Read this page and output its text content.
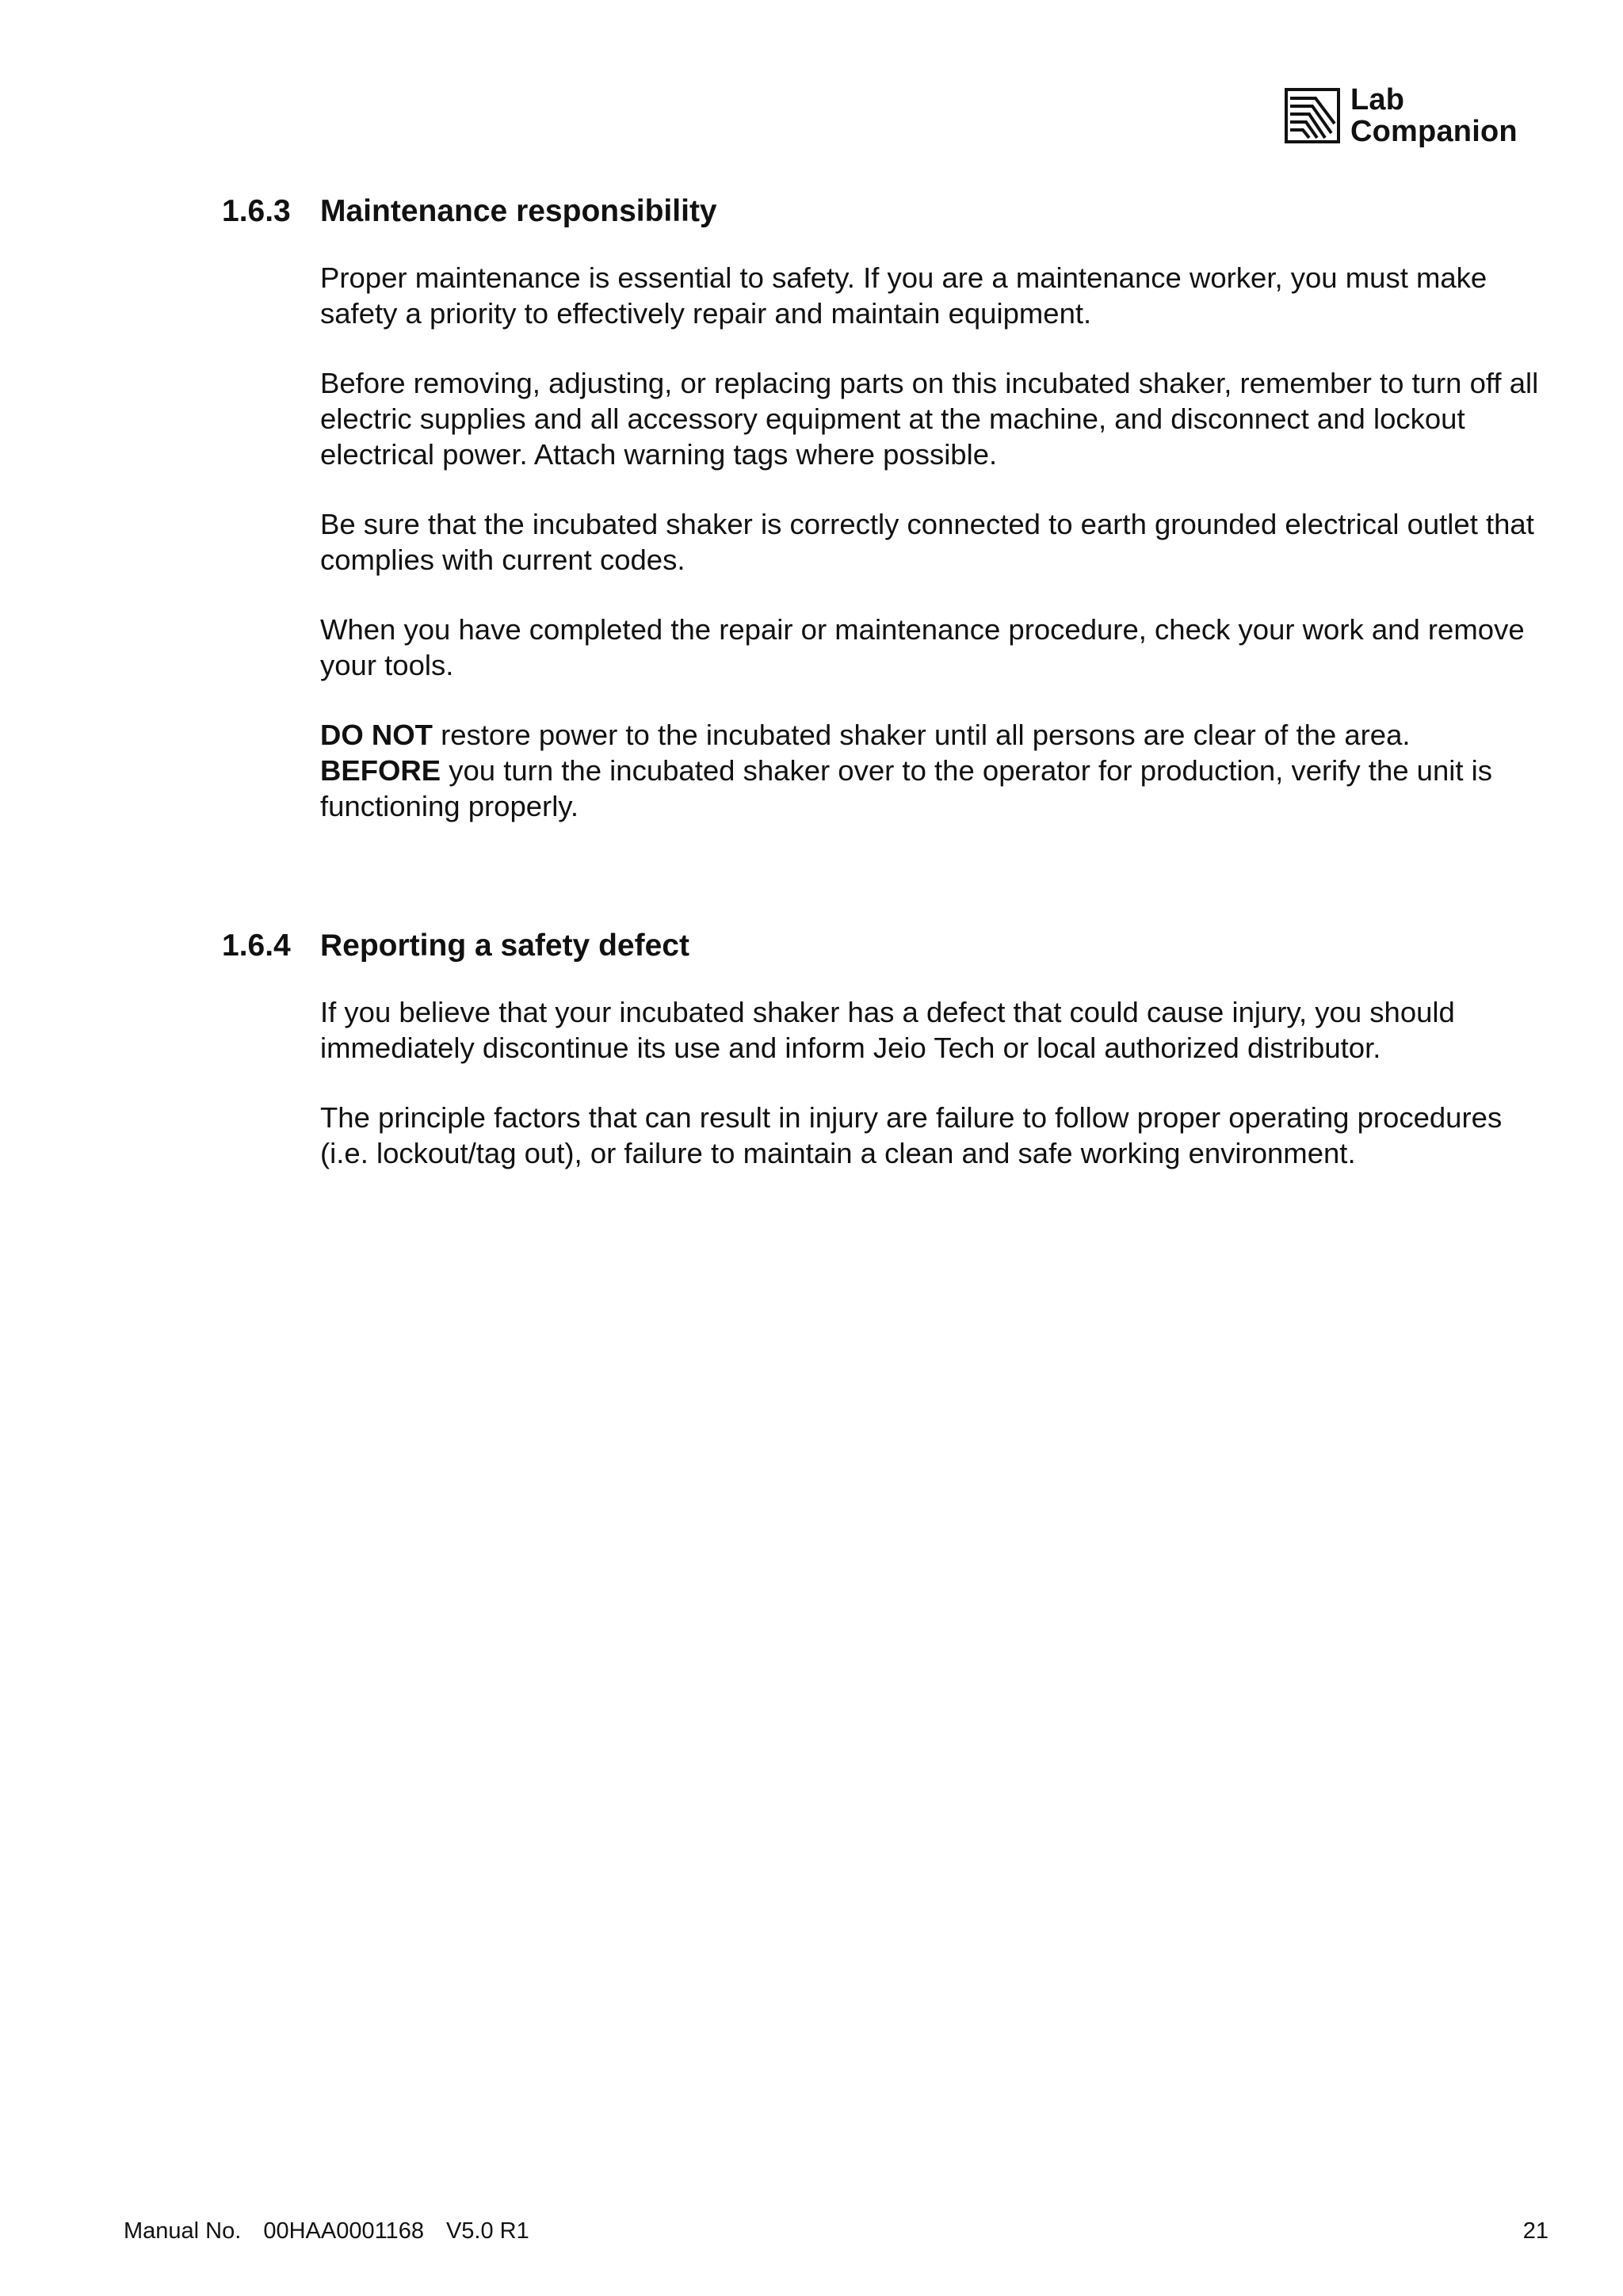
Lab
Companion
1.6.3 Maintenance responsibility

Proper maintenance is essential to safety. If you are a maintenance worker, you must make safety a priority to effectively repair and maintain equipment.

Before removing, adjusting, or replacing parts on this incubated shaker, remember to turn off all electric supplies and all accessory equipment at the machine, and disconnect and lockout electrical power. Attach warning tags where possible.

Be sure that the incubated shaker is correctly connected to earth grounded electrical outlet that complies with current codes.

When you have completed the repair or maintenance procedure, check your work and remove your tools.

DO NOT restore power to the incubated shaker until all persons are clear of the area.
BEFORE you turn the incubated shaker over to the operator for production, verify the unit is functioning properly.

1.6.4 Reporting a safety defect

If you believe that your incubated shaker has a defect that could cause injury, you should immediately discontinue its use and inform Jeio Tech or local authorized distributor.

The principle factors that can result in injury are failure to follow proper operating procedures (i.e. lockout/tag out), or failure to maintain a clean and safe working environment.

Manual No. 00HAA0001168 V5.0 R1	21
